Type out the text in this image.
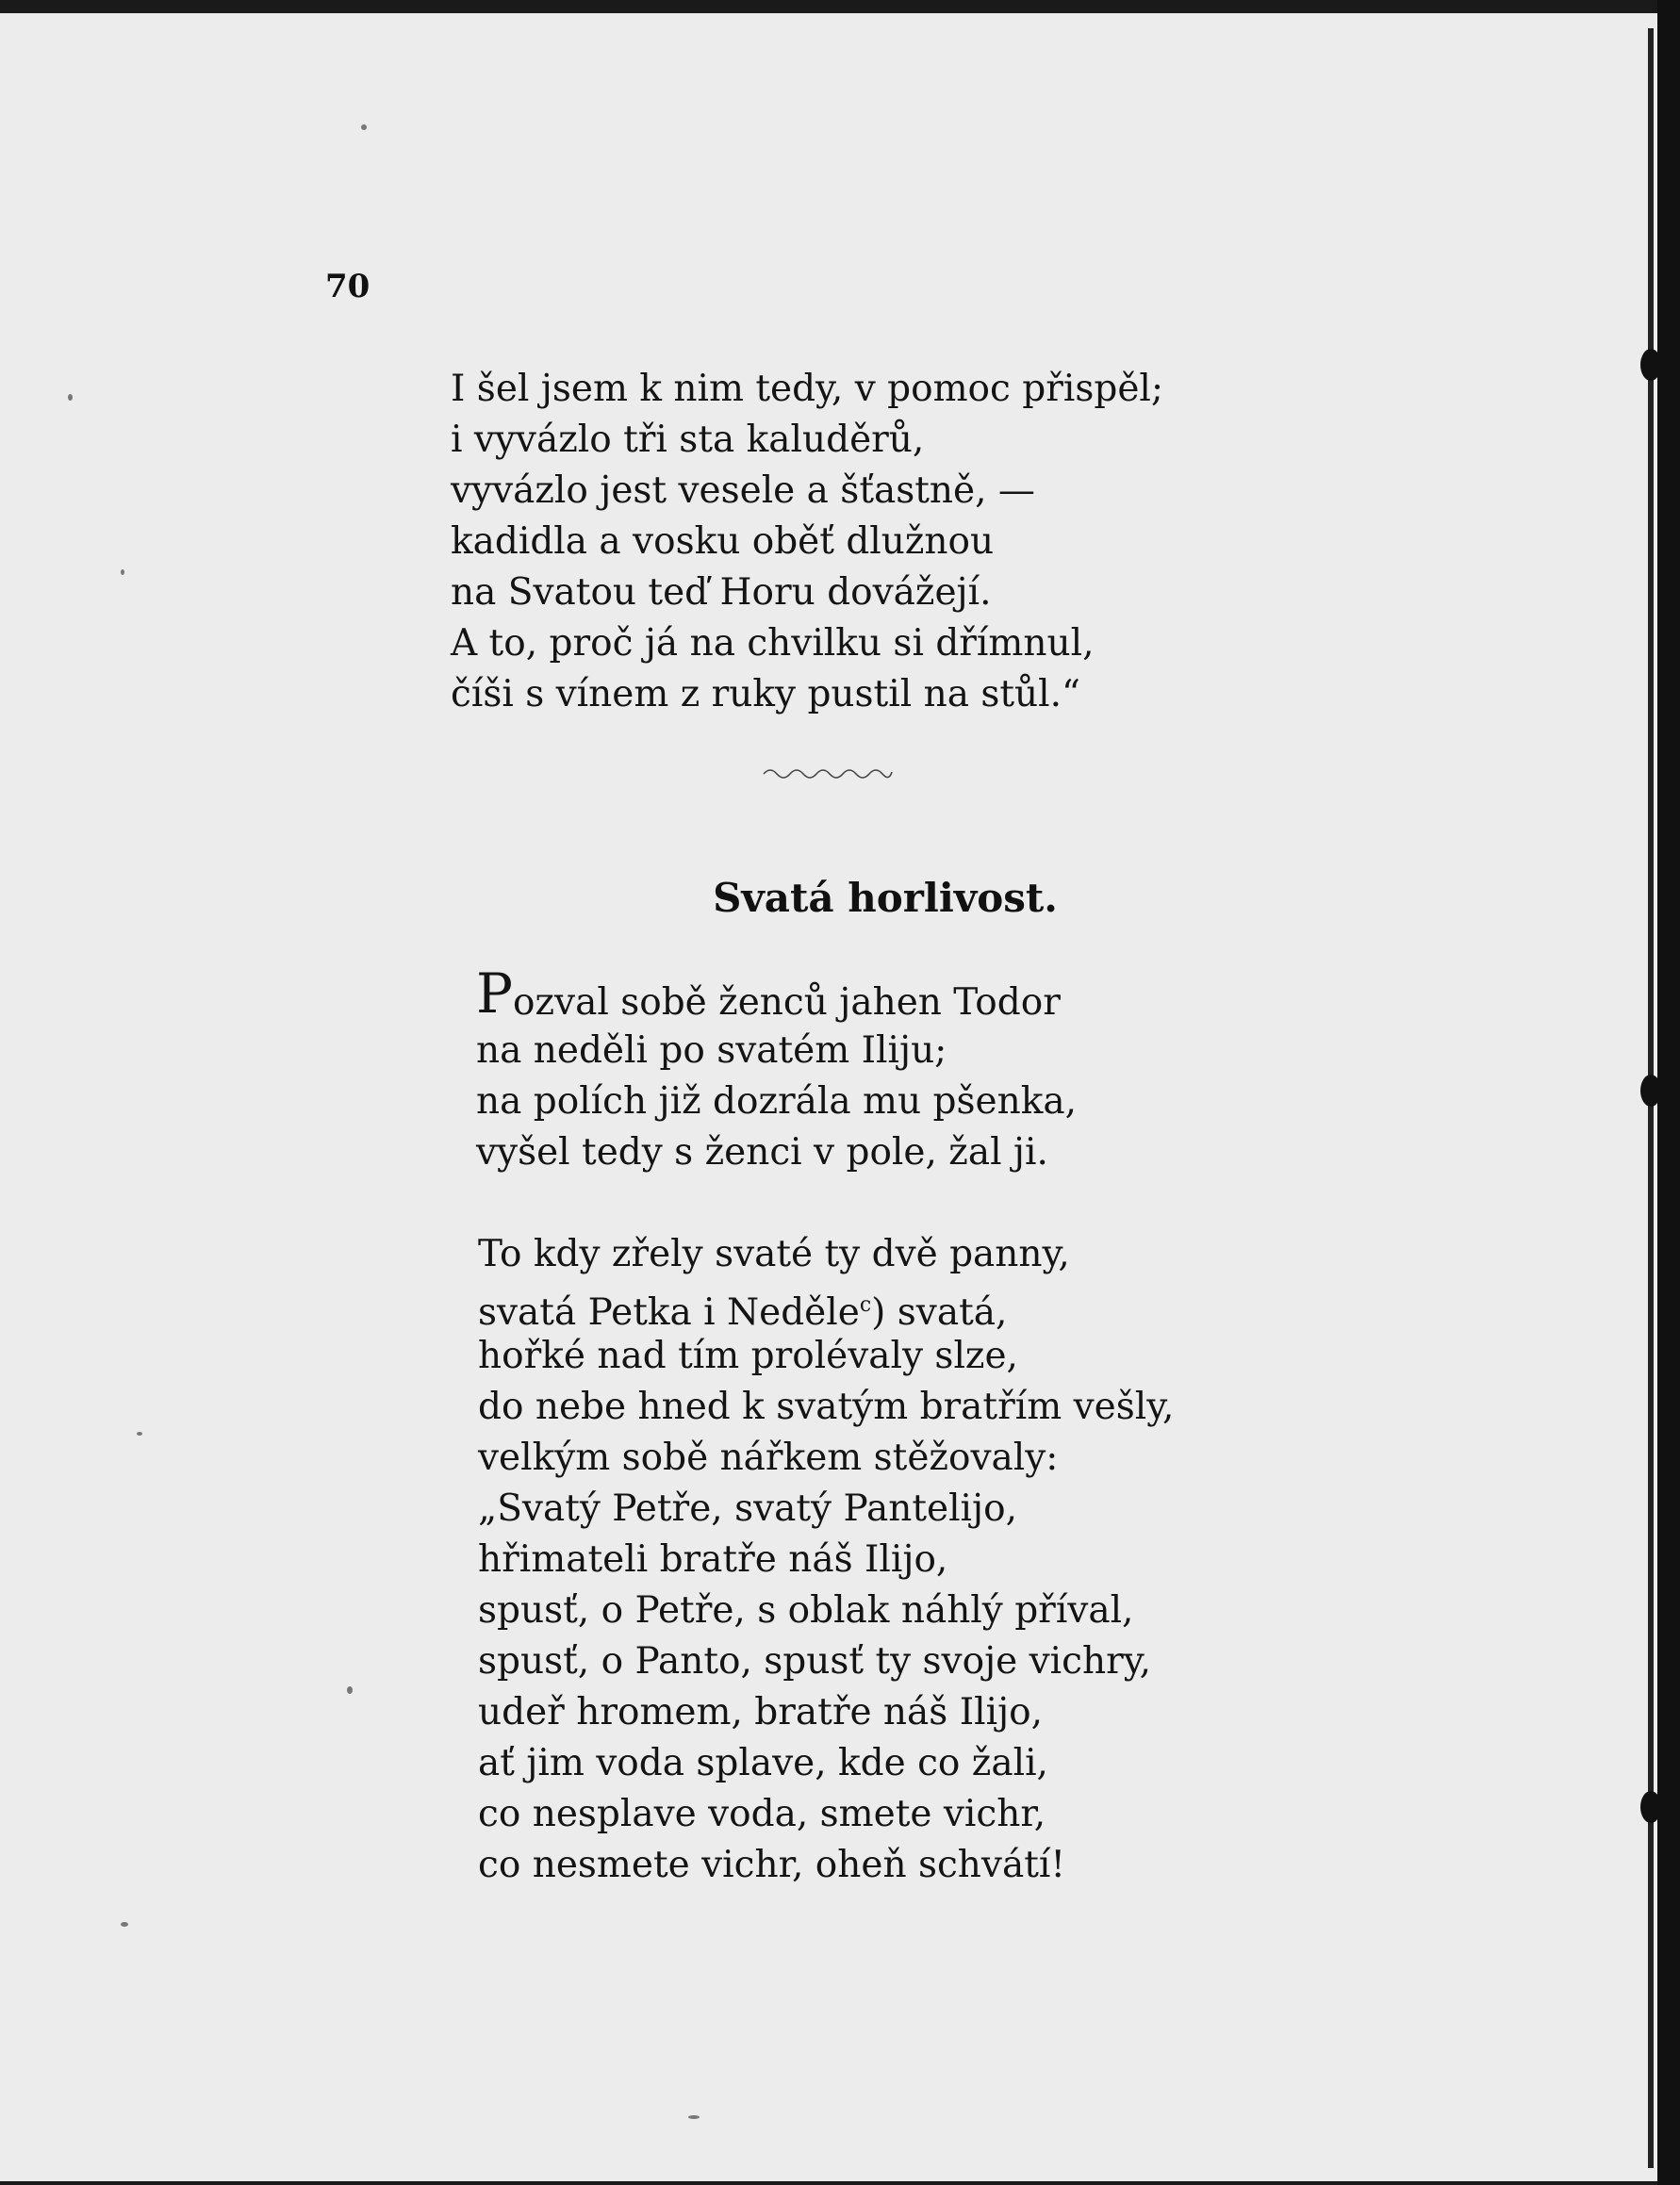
70

I šel jsem k nim tedy, v pomoc přispěl;
i vyvázlo tři sta kaluděrů,
vyvázlo jest vesele a šťastně, —
kadidla a vosku oběť dlužnou
na Svatou teď Horu dovážejí.
A to, proč já na chvilku si dřímnul,
číši s vínem z ruky pustil na stůl.“
Svatá horlivost.
Pozval sobě ženců jahen Todor
na neděli po svatém Iliju;
na polích již dozrála mu pšenka,
vyšel tedy s ženci v pole, žal ji.
To kdy zřely svaté ty dvě panny,
svatá Petka i Neděle$^c$) svatá,
hořké nad tím prolévaly slze,
do nebe hned k svatým bratřím vešly,
velkým sobě nářkem stěžovaly:
„Svatý Petře, svatý Pantelijo,
hřimateli bratře náš Ilijo,
spusť, o Petře, s oblak náhlý příval,
spusť, o Panto, spusť ty svoje vichry,
udeř hromem, bratře náš Ilijo,
ať jim voda splave, kde co žali,
co nesplave voda, smete vichr,
co nesmete vichr, oheň schvátí!
